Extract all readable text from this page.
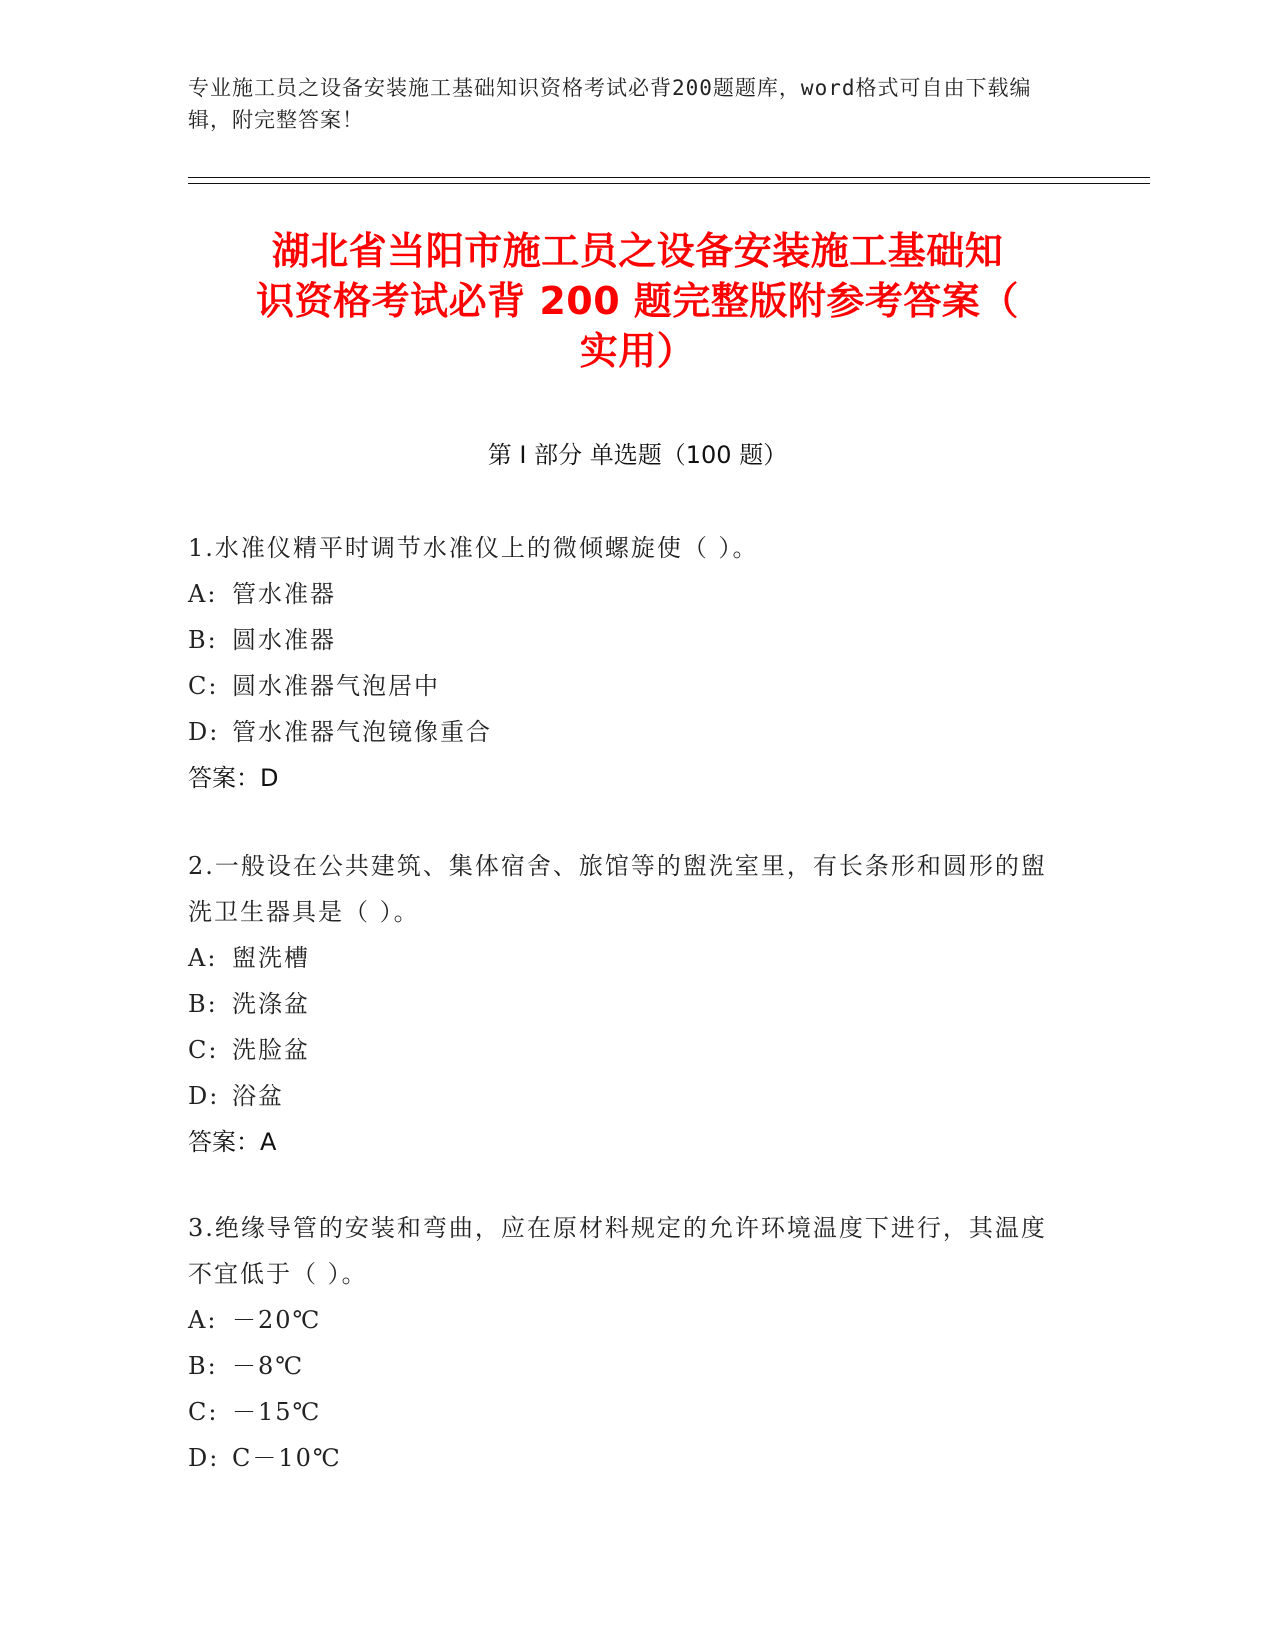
专业施工员之设备安装施工基础知识资格考试必背200题题库，word格式可自由下载编辑，附完整答案！
湖北省当阳市施工员之设备安装施工基础知
识资格考试必背 200 题完整版附参考答案（
实用）
第 I 部分 单选题（100 题）

1.水准仪精平时调节水准仪上的微倾螺旋使（ ）。

A: 管水准器
B: 圆水准器
C: 圆水准器气泡居中
D: 管水准器气泡镜像重合

答案：D

2.一般设在公共建筑、集体宿舍、旅馆等的盥洗室里，有长条形和圆形的盥洗卫生器具是（ ）。

A: 盥洗槽
B: 洗涤盆
C: 洗脸盆
D: 浴盆

答案：A

3.绝缘导管的安装和弯曲，应在原材料规定的允许环境温度下进行，其温度不宜低于（ ）。

A: －20℃
B: －8℃
C: －15℃
D: C－10℃
